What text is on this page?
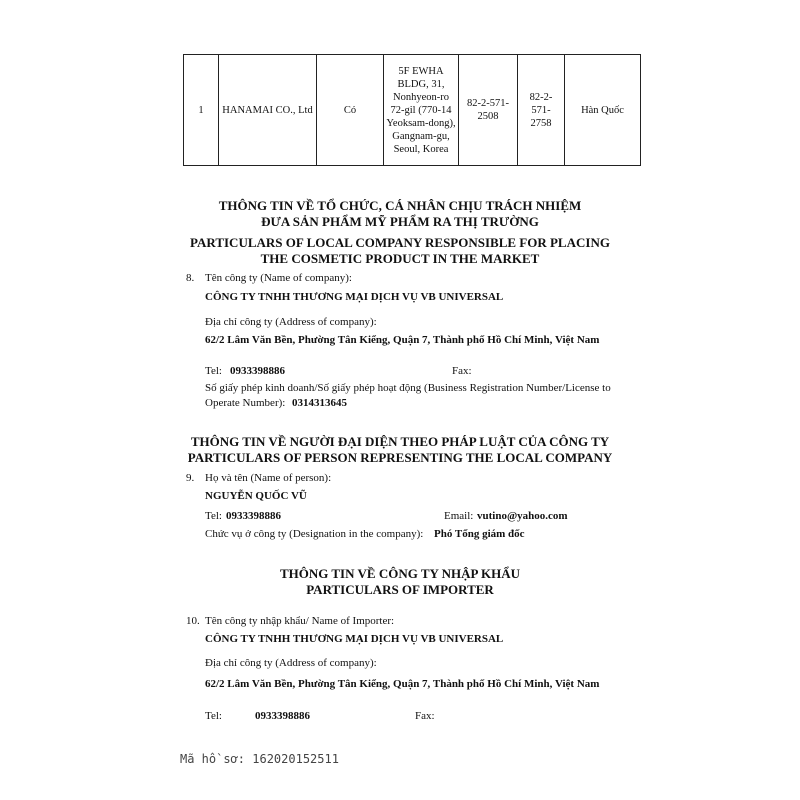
1	HANAMAI CO., Ltd	Có	5F EWHA BLDG, 31, Nonhyeon-ro 72-gil (770-14 Yeoksam-dong), Gangnam-gu, Seoul, Korea	82-2-571-2508	82-2-571-2758	Hàn Quốc
THÔNG TIN VỀ TỔ CHỨC, CÁ NHÂN CHỊU TRÁCH NHIỆM
ĐƯA SẢN PHẨM MỸ PHẨM RA THỊ TRƯỜNG
PARTICULARS OF LOCAL COMPANY RESPONSIBLE FOR PLACING
THE COSMETIC PRODUCT IN THE MARKET
8. Tên công ty (Name of company):
CÔNG TY TNHH THƯƠNG MẠI DỊCH VỤ VB UNIVERSAL
Địa chỉ công ty (Address of company):
62/2 Lâm Văn Bền, Phường Tân Kiểng, Quận 7, Thành phố Hồ Chí Minh, Việt Nam
Tel: 0933398886	Fax:
Số giấy phép kinh doanh/Số giấy phép hoạt động (Business Registration Number/License to
Operate Number): 0314313645
THÔNG TIN VỀ NGƯỜI ĐẠI DIỆN THEO PHÁP LUẬT CỦA CÔNG TY
PARTICULARS OF PERSON REPRESENTING THE LOCAL COMPANY
9. Họ và tên (Name of person):
NGUYỄN QUỐC VŨ
Tel: 0933398886	Email: vutino@yahoo.com
Chức vụ ở công ty (Designation in the company): Phó Tổng giám đốc
THÔNG TIN VỀ CÔNG TY NHẬP KHẨU
PARTICULARS OF IMPORTER
10. Tên công ty nhập khẩu/ Name of Importer:
CÔNG TY TNHH THƯƠNG MẠI DỊCH VỤ VB UNIVERSAL
Địa chỉ công ty (Address of company):
62/2 Lâm Văn Bền, Phường Tân Kiểng, Quận 7, Thành phố Hồ Chí Minh, Việt Nam
Tel:	0933398886	Fax:
Mã hồ sơ: 162020152511
